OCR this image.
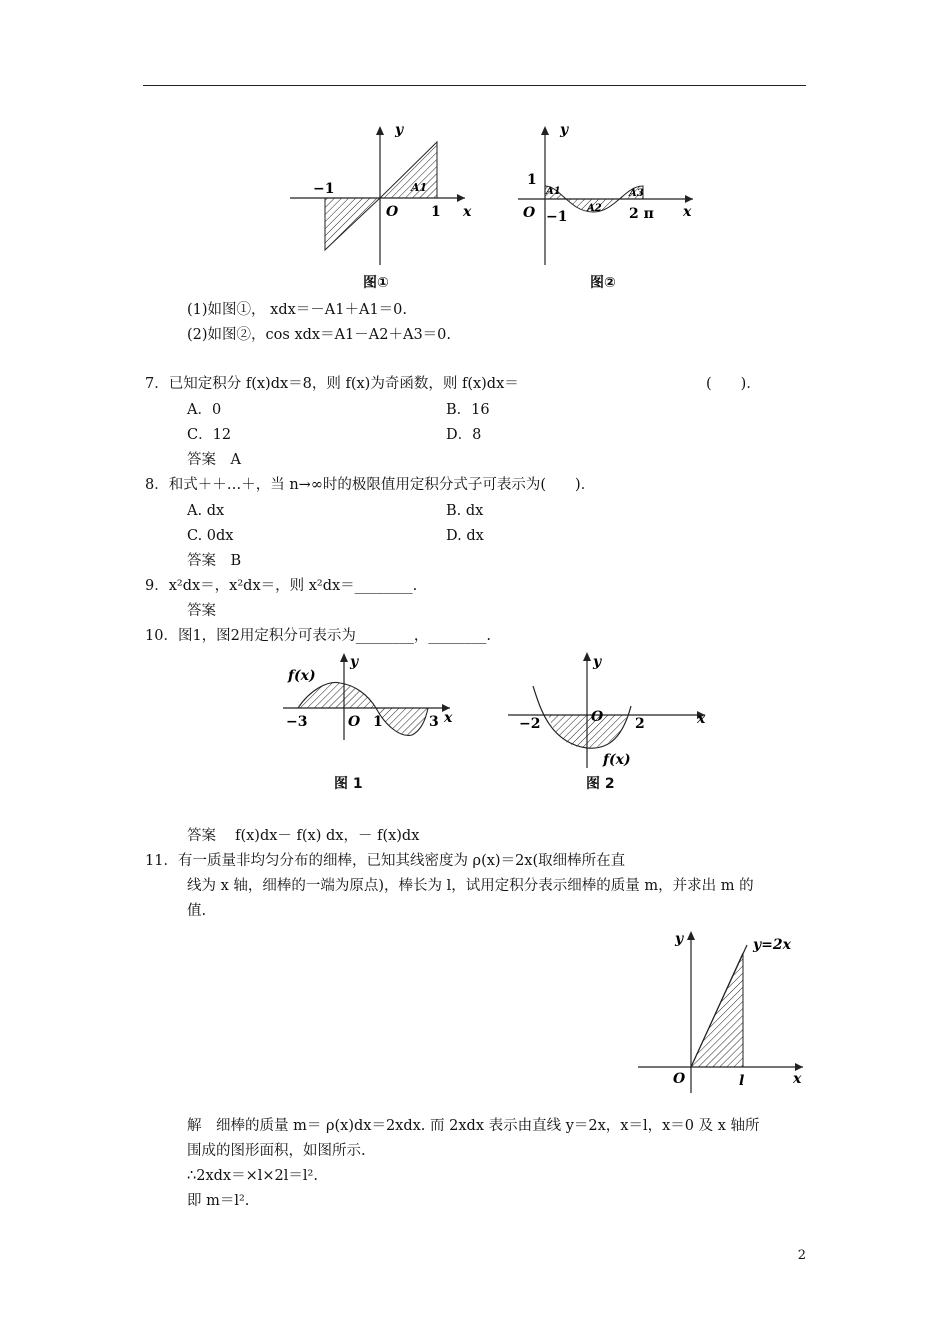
y
x
−1
O 1
A1
图①
y
x
1
O −1	2 π
A1
A2
A3
图②
(1)如图①， xdx＝－A1＋A1＝0.
(2)如图②，cos xdx＝A1－A2＋A3＝0.
7．已知定积分 f(x)dx＝8，则 f(x)为奇函数，则 f(x)dx＝	(　　)．
A．0	B．16
C．12	D．8
答案　A
8．和式＋＋…＋，当 n→∞时的极限值用定积分式子可表示为(　　)．
A. dx	B. dx
C. 0dx	D. dx
答案　B
9．x²dx＝，x²dx＝，则 x²dx＝________.
答案
10．图1，图2用定积分可表示为________，________.
f(x)
y
x
−3	O 1	3
图 1
y
x
−2	O 2
f(x)
图 2
答案　 f(x)dx－ f(x) dx，－ f(x)dx
11．有一质量非均匀分布的细棒，已知其线密度为 ρ(x)＝2x(取细棒所在直
线为 x 轴，细棒的一端为原点)，棒长为 l，试用定积分表示细棒的质量 m，并求出 m 的
值.
y
x
O	l
y=2x
解　细棒的质量 m＝ ρ(x)dx＝2xdx. 而 2xdx 表示由直线 y＝2x，x＝l，x＝0 及 x 轴所
围成的图形面积，如图所示.
∴2xdx＝×l×2l＝l².
即 m＝l².
2
